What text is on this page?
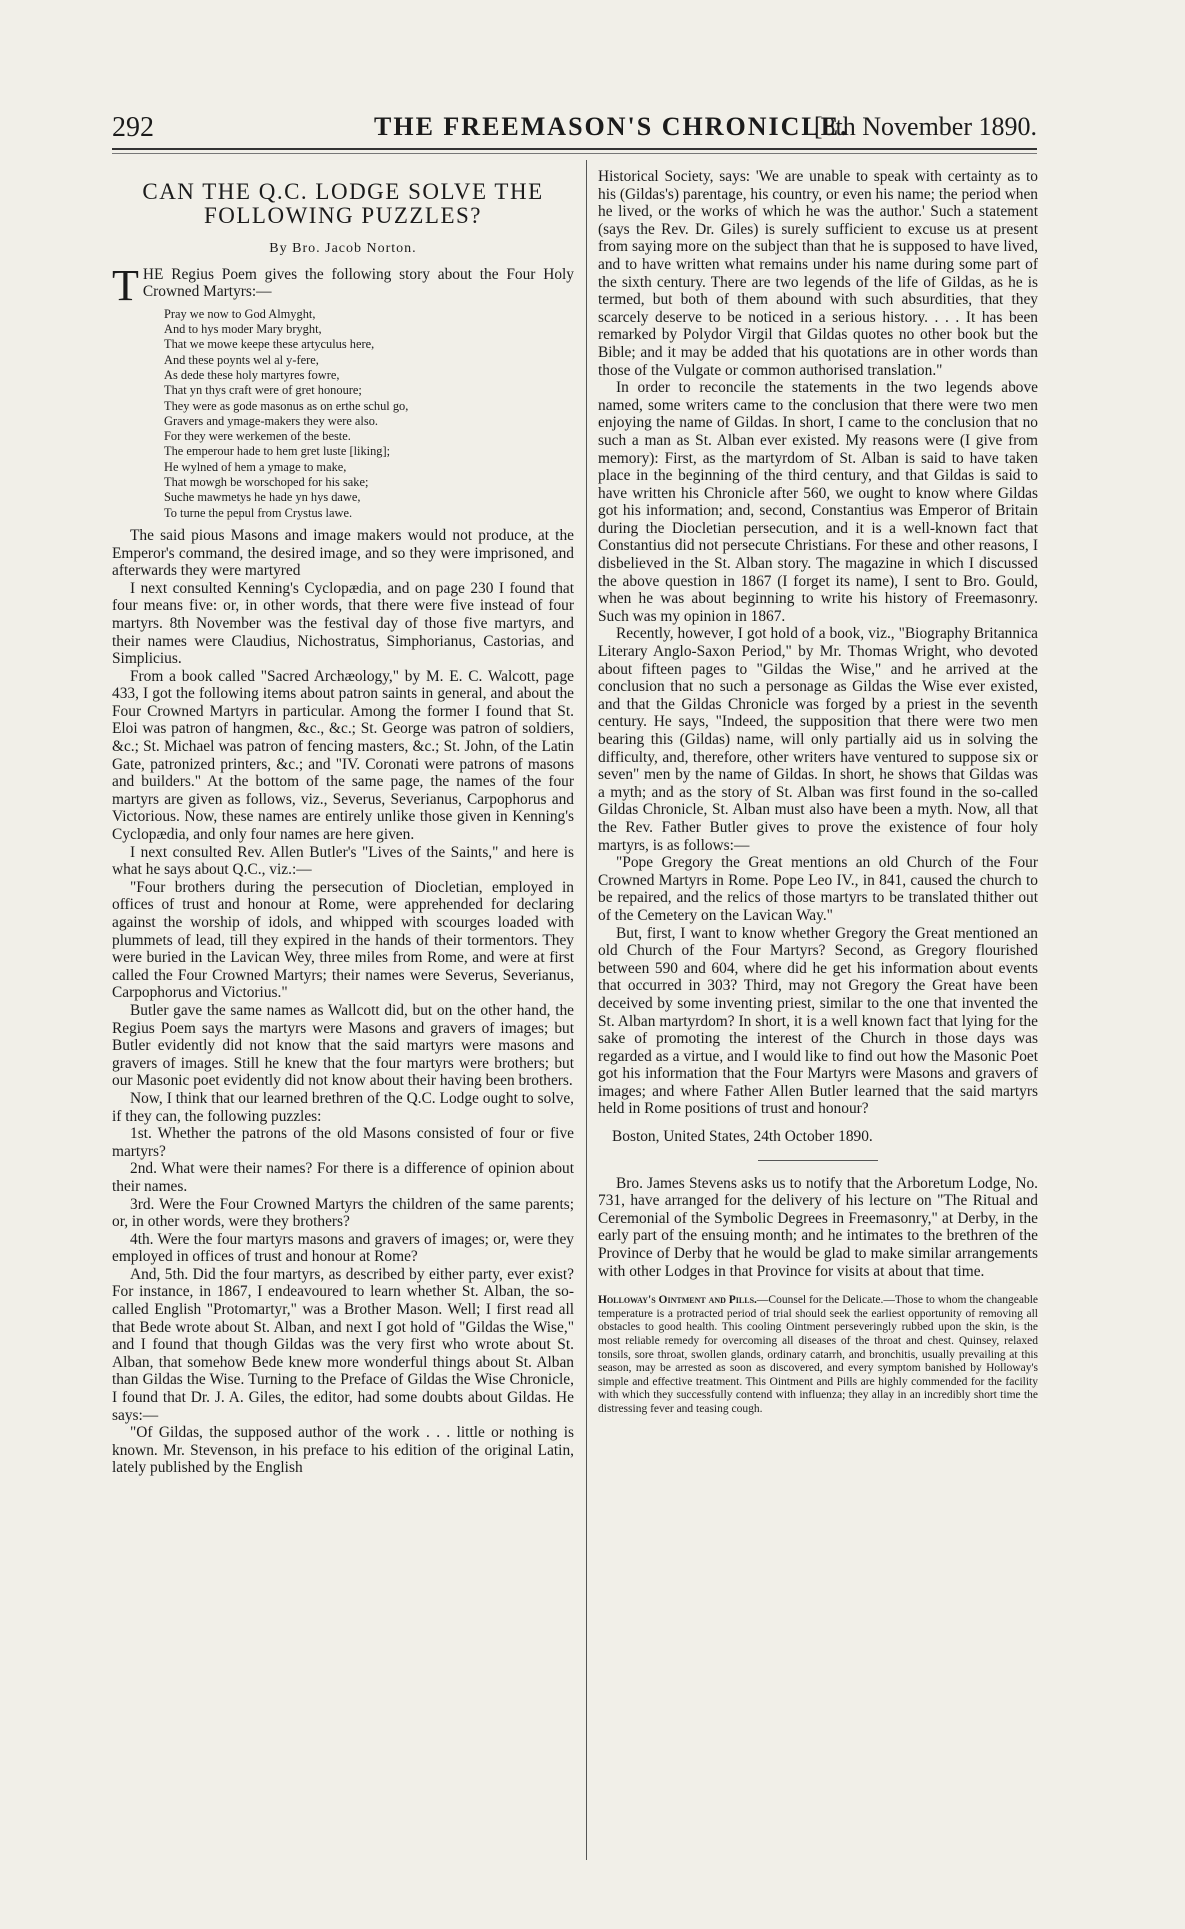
292	THE FREEMASON'S CHRONICLE.
[8th November 1890.
CAN THE Q.C. LODGE SOLVE THE
FOLLOWING PUZZLES?
By Bro. Jacob Norton.

THE Regius Poem gives the following story about the Four Holy Crowned Martyrs:—

Pray we now to God Almyght,
And to hys moder Mary bryght,
That we mowe keepe these artyculus here,
And these poynts wel al y-fere,
As dede these holy martyres fowre,
That yn thys craft were of gret honoure;
They were as gode masonus as on erthe schul go,
Gravers and ymage-makers they were also.
For they were werkemen of the beste.
The emperour hade to hem gret luste [liking];
He wylned of hem a ymage to make,
That mowgh be worschoped for his sake;
Suche mawmetys he hade yn hys dawe,
To turne the pepul from Crystus lawe.

The said pious Masons and image makers would not produce, at the Emperor's command, the desired image, and so they were imprisoned, and afterwards they were martyred

I next consulted Kenning's Cyclopædia, and on page 230 I found that four means five: or, in other words, that there were five instead of four martyrs. 8th November was the festival day of those five martyrs, and their names were Claudius, Nichostratus, Simphorianus, Castorias, and Simplicius.

From a book called "Sacred Archæology," by M. E. C. Walcott, page 433, I got the following items about patron saints in general, and about the Four Crowned Martyrs in particular. Among the former I found that St. Eloi was patron of hangmen, &c., &c.; St. George was patron of soldiers, &c.; St. Michael was patron of fencing masters, &c.; St. John, of the Latin Gate, patronized printers, &c.; and "IV. Coronati were patrons of masons and builders." At the bottom of the same page, the names of the four martyrs are given as follows, viz., Severus, Severianus, Carpophorus and Victorious. Now, these names are entirely unlike those given in Kenning's Cyclopædia, and only four names are here given.

I next consulted Rev. Allen Butler's "Lives of the Saints," and here is what he says about Q.C., viz.:—

"Four brothers during the persecution of Diocletian, employed in offices of trust and honour at Rome, were apprehended for declaring against the worship of idols, and whipped with scourges loaded with plummets of lead, till they expired in the hands of their tormentors. They were buried in the Lavican Wey, three miles from Rome, and were at first called the Four Crowned Martyrs; their names were Severus, Severianus, Carpophorus and Victorius."

Butler gave the same names as Wallcott did, but on the other hand, the Regius Poem says the martyrs were Masons and gravers of images; but Butler evidently did not know that the said martyrs were masons and gravers of images. Still he knew that the four martyrs were brothers; but our Masonic poet evidently did not know about their having been brothers.

Now, I think that our learned brethren of the Q.C. Lodge ought to solve, if they can, the following puzzles:

1st. Whether the patrons of the old Masons consisted of four or five martyrs?

2nd. What were their names? For there is a difference of opinion about their names.

3rd. Were the Four Crowned Martyrs the children of the same parents; or, in other words, were they brothers?

4th. Were the four martyrs masons and gravers of images; or, were they employed in offices of trust and honour at Rome?

And, 5th. Did the four martyrs, as described by either party, ever exist? For instance, in 1867, I endeavoured to learn whether St. Alban, the so-called English "Protomartyr," was a Brother Mason. Well; I first read all that Bede wrote about St. Alban, and next I got hold of "Gildas the Wise," and I found that though Gildas was the very first who wrote about St. Alban, that somehow Bede knew more wonderful things about St. Alban than Gildas the Wise. Turning to the Preface of Gildas the Wise Chronicle, I found that Dr. J. A. Giles, the editor, had some doubts about Gildas. He says:—

"Of Gildas, the supposed author of the work . . . little or nothing is known. Mr. Stevenson, in his preface to his edition of the original Latin, lately published by the English

Historical Society, says: 'We are unable to speak with certainty as to his (Gildas's) parentage, his country, or even his name; the period when he lived, or the works of which he was the author.' Such a statement (says the Rev. Dr. Giles) is surely sufficient to excuse us at present from saying more on the subject than that he is supposed to have lived, and to have written what remains under his name during some part of the sixth century. There are two legends of the life of Gildas, as he is termed, but both of them abound with such absurdities, that they scarcely deserve to be noticed in a serious history. . . . It has been remarked by Polydor Virgil that Gildas quotes no other book but the Bible; and it may be added that his quotations are in other words than those of the Vulgate or common authorised translation."

In order to reconcile the statements in the two legends above named, some writers came to the conclusion that there were two men enjoying the name of Gildas. In short, I came to the conclusion that no such a man as St. Alban ever existed. My reasons were (I give from memory): First, as the martyrdom of St. Alban is said to have taken place in the beginning of the third century, and that Gildas is said to have written his Chronicle after 560, we ought to know where Gildas got his information; and, second, Constantius was Emperor of Britain during the Diocletian persecution, and it is a well-known fact that Constantius did not persecute Christians. For these and other reasons, I disbelieved in the St. Alban story. The magazine in which I discussed the above question in 1867 (I forget its name), I sent to Bro. Gould, when he was about beginning to write his history of Freemasonry. Such was my opinion in 1867.

Recently, however, I got hold of a book, viz., "Biography Britannica Literary Anglo-Saxon Period," by Mr. Thomas Wright, who devoted about fifteen pages to "Gildas the Wise," and he arrived at the conclusion that no such a personage as Gildas the Wise ever existed, and that the Gildas Chronicle was forged by a priest in the seventh century. He says, "Indeed, the supposition that there were two men bearing this (Gildas) name, will only partially aid us in solving the difficulty, and, therefore, other writers have ventured to suppose six or seven" men by the name of Gildas. In short, he shows that Gildas was a myth; and as the story of St. Alban was first found in the so-called Gildas Chronicle, St. Alban must also have been a myth. Now, all that the Rev. Father Butler gives to prove the existence of four holy martyrs, is as follows:—

"Pope Gregory the Great mentions an old Church of the Four Crowned Martyrs in Rome. Pope Leo IV., in 841, caused the church to be repaired, and the relics of those martyrs to be translated thither out of the Cemetery on the Lavican Way."

But, first, I want to know whether Gregory the Great mentioned an old Church of the Four Martyrs? Second, as Gregory flourished between 590 and 604, where did he get his information about events that occurred in 303? Third, may not Gregory the Great have been deceived by some inventing priest, similar to the one that invented the St. Alban martyrdom? In short, it is a well known fact that lying for the sake of promoting the interest of the Church in those days was regarded as a virtue, and I would like to find out how the Masonic Poet got his information that the Four Martyrs were Masons and gravers of images; and where Father Allen Butler learned that the said martyrs held in Rome positions of trust and honour?

Boston, United States, 24th October 1890.

Bro. James Stevens asks us to notify that the Arboretum Lodge, No. 731, have arranged for the delivery of his lecture on "The Ritual and Ceremonial of the Symbolic Degrees in Freemasonry," at Derby, in the early part of the ensuing month; and he intimates to the brethren of the Province of Derby that he would be glad to make similar arrangements with other Lodges in that Province for visits at about that time.

Holloway's Ointment and Pills.—Counsel for the Delicate.—Those to whom the changeable temperature is a protracted period of trial should seek the earliest opportunity of removing all obstacles to good health. This cooling Ointment perseveringly rubbed upon the skin, is the most reliable remedy for overcoming all diseases of the throat and chest. Quinsey, relaxed tonsils, sore throat, swollen glands, ordinary catarrh, and bronchitis, usually prevailing at this season, may be arrested as soon as discovered, and every symptom banished by Holloway's simple and effective treatment. This Ointment and Pills are highly commended for the facility with which they successfully contend with influenza; they allay in an incredibly short time the distressing fever and teasing cough.
